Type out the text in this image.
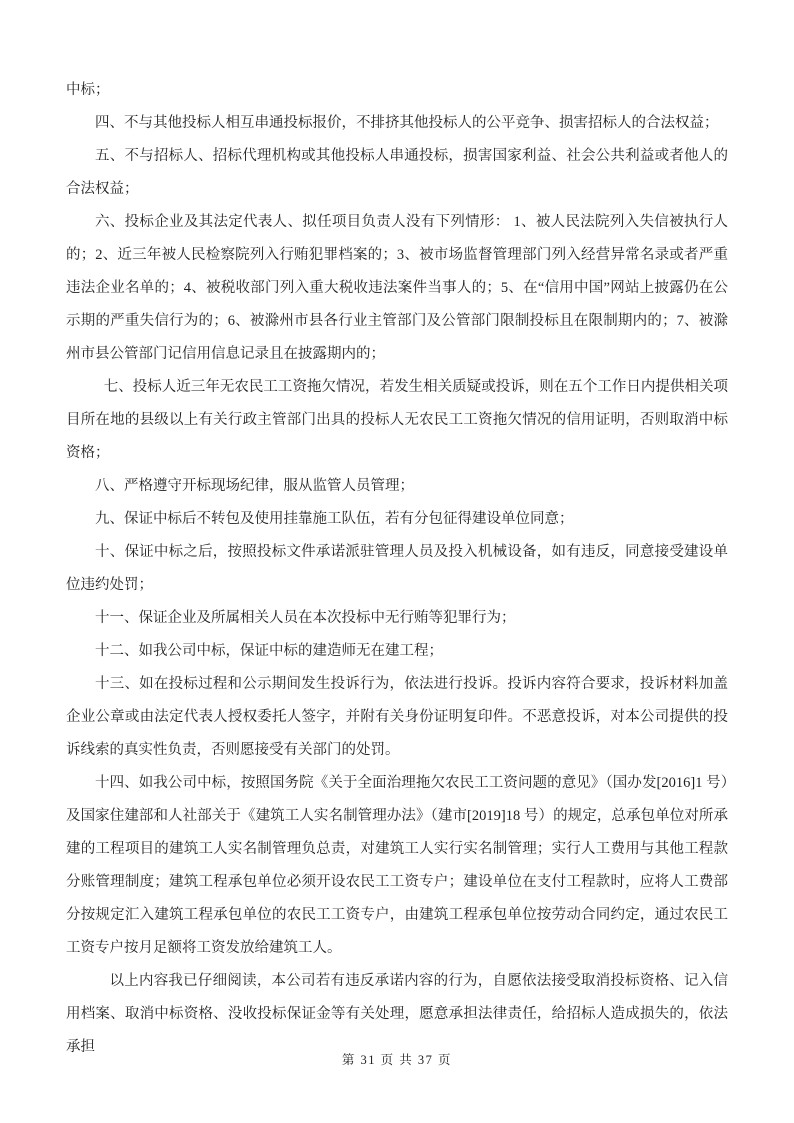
中标；

四、不与其他投标人相互串通投标报价，不排挤其他投标人的公平竞争、损害招标人的合法权益；

五、不与招标人、招标代理机构或其他投标人串通投标，损害国家利益、社会公共利益或者他人的合法权益；

六、投标企业及其法定代表人、拟任项目负责人没有下列情形： 1、被人民法院列入失信被执行人的；2、近三年被人民检察院列入行贿犯罪档案的；3、被市场监督管理部门列入经营异常名录或者严重违法企业名单的；4、被税收部门列入重大税收违法案件当事人的；5、在“信用中国”网站上披露仍在公示期的严重失信行为的；6、被滁州市县各行业主管部门及公管部门限制投标且在限制期内的；7、被滁州市县公管部门记信用信息记录且在披露期内的；

七、投标人近三年无农民工工资拖欠情况，若发生相关质疑或投诉，则在五个工作日内提供相关项目所在地的县级以上有关行政主管部门出具的投标人无农民工工资拖欠情况的信用证明，否则取消中标资格；

八、严格遵守开标现场纪律，服从监管人员管理；

九、保证中标后不转包及使用挂靠施工队伍，若有分包征得建设单位同意；

十、保证中标之后，按照投标文件承诺派驻管理人员及投入机械设备，如有违反，同意接受建设单位违约处罚；

十一、保证企业及所属相关人员在本次投标中无行贿等犯罪行为；

十二、如我公司中标，保证中标的建造师无在建工程；

十三、如在投标过程和公示期间发生投诉行为，依法进行投诉。投诉内容符合要求，投诉材料加盖企业公章或由法定代表人授权委托人签字，并附有关身份证明复印件。不恶意投诉，对本公司提供的投诉线索的真实性负责，否则愿接受有关部门的处罚。

十四、如我公司中标，按照国务院《关于全面治理拖欠农民工工资问题的意见》（国办发[2016]1 号）及国家住建部和人社部关于《建筑工人实名制管理办法》（建市[2019]18 号）的规定，总承包单位对所承建的工程项目的建筑工人实名制管理负总责，对建筑工人实行实名制管理；实行人工费用与其他工程款分账管理制度；建筑工程承包单位必须开设农民工工资专户；建设单位在支付工程款时，应将人工费部分按规定汇入建筑工程承包单位的农民工工资专户，由建筑工程承包单位按劳动合同约定，通过农民工工资专户按月足额将工资发放给建筑工人。

以上内容我已仔细阅读，本公司若有违反承诺内容的行为，自愿依法接受取消投标资格、记入信用档案、取消中标资格、没收投标保证金等有关处理，愿意承担法律责任，给招标人造成损失的，依法承担

第 31 页 共 37 页
